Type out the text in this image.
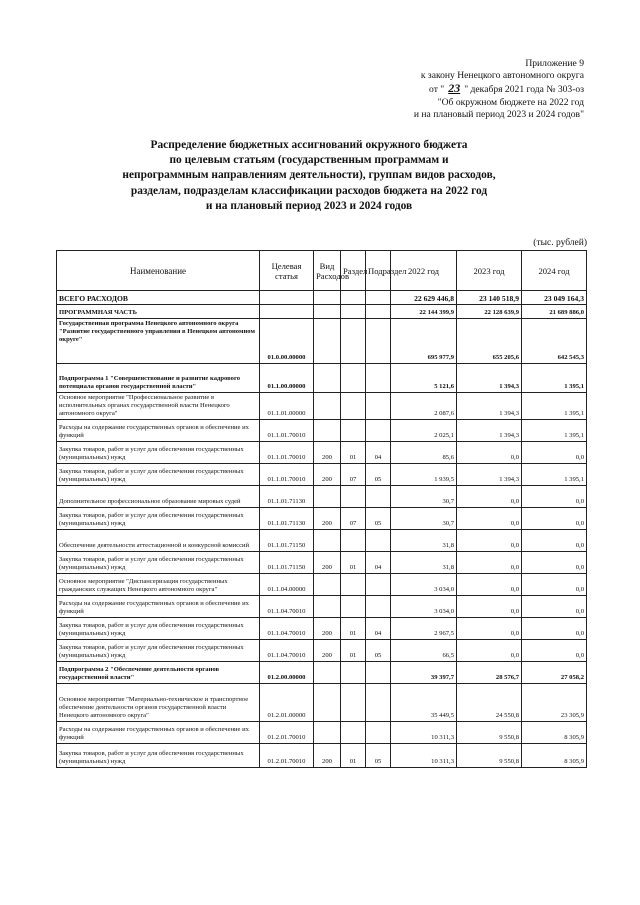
Приложение 9
к закону Ненецкого автономного округа
от " 23 " декабря 2021 года № 303-оз
"Об окружном бюджете на 2022 год
и на плановый период 2023 и 2024 годов"
Распределение бюджетных ассигнований окружного бюджета
по целевым статьям (государственным программам и
непрограммным направлениям деятельности), группам видов расходов,
разделам, подразделам классификации расходов бюджета на 2022 год
и на плановый период 2023 и 2024 годов
(тыс. рублей)
Наименование	Целевая статья	Вид Расходов	Раздел	Подраздел	2022 год	2023 год	2024 год
ВСЕГО РАСХОДОВ					22 629 446,8	23 140 518,9	23 049 164,3
ПРОГРАММНАЯ ЧАСТЬ					22 144 399,9	22 128 639,9	21 689 886,0
Государственная программа Ненецкого автономного округа "Развитие государственного управления в Ненецком автономном округе"	01.0.00.00000				695 977,9	655 205,6	642 545,3
Подпрограмма 1 "Совершенствование и развитие кадрового потенциала органов государственной власти"	01.1.00.00000				5 121,6	1 394,3	1 395,1
Основное мероприятие "Профессиональное развитие в исполнительных органах государственной власти Ненецкого автономного округа"	01.1.01.00000				2 087,6	1 394,3	1 395,1
Расходы на содержание государственных органов и обеспечение их функций	01.1.01.70010				2 025,1	1 394,3	1 395,1
Закупка товаров, работ и услуг для обеспечения государственных (муниципальных) нужд	01.1.01.70010	200	01	04	85,6	0,0	0,0
Закупка товаров, работ и услуг для обеспечения государственных (муниципальных) нужд	01.1.01.70010	200	07	05	1 939,5	1 394,3	1 395,1
Дополнительное профессиональное образование мировых судей	01.1.01.71130				30,7	0,0	0,0
Закупка товаров, работ и услуг для обеспечения государственных (муниципальных) нужд	01.1.01.71130	200	07	05	30,7	0,0	0,0
Обеспечение деятельности аттестационной и конкурсной комиссий	01.1.01.71150				31,8	0,0	0,0
Закупка товаров, работ и услуг для обеспечения государственных (муниципальных) нужд	01.1.01.71150	200	01	04	31,8	0,0	0,0
Основное мероприятие "Диспансеризация государственных гражданских служащих Ненецкого автономного округа"	01.1.04.00000				3 034,0	0,0	0,0
Расходы на содержание государственных органов и обеспечение их функций	01.1.04.70010				3 034,0	0,0	0,0
Закупка товаров, работ и услуг для обеспечения государственных (муниципальных) нужд	01.1.04.70010	200	01	04	2 967,5	0,0	0,0
Закупка товаров, работ и услуг для обеспечения государственных (муниципальных) нужд	01.1.04.70010	200	01	05	66,5	0,0	0,0
Подпрограмма 2 "Обеспечение деятельности органов государственной власти"	01.2.00.00000				39 397,7	28 576,7	27 058,2
Основное мероприятие "Материально-техническое и транспортное обеспечение деятельности органов государственной власти Ненецкого автономного округа"	01.2.01.00000				35 449,5	24 550,8	23 305,9
Расходы на содержание государственных органов и обеспечение их функций	01.2.01.70010				10 311,3	9 550,8	8 305,9
Закупка товаров, работ и услуг для обеспечения государственных (муниципальных) нужд	01.2.01.70010	200	01	05	10 311,3	9 550,8	8 305,9
